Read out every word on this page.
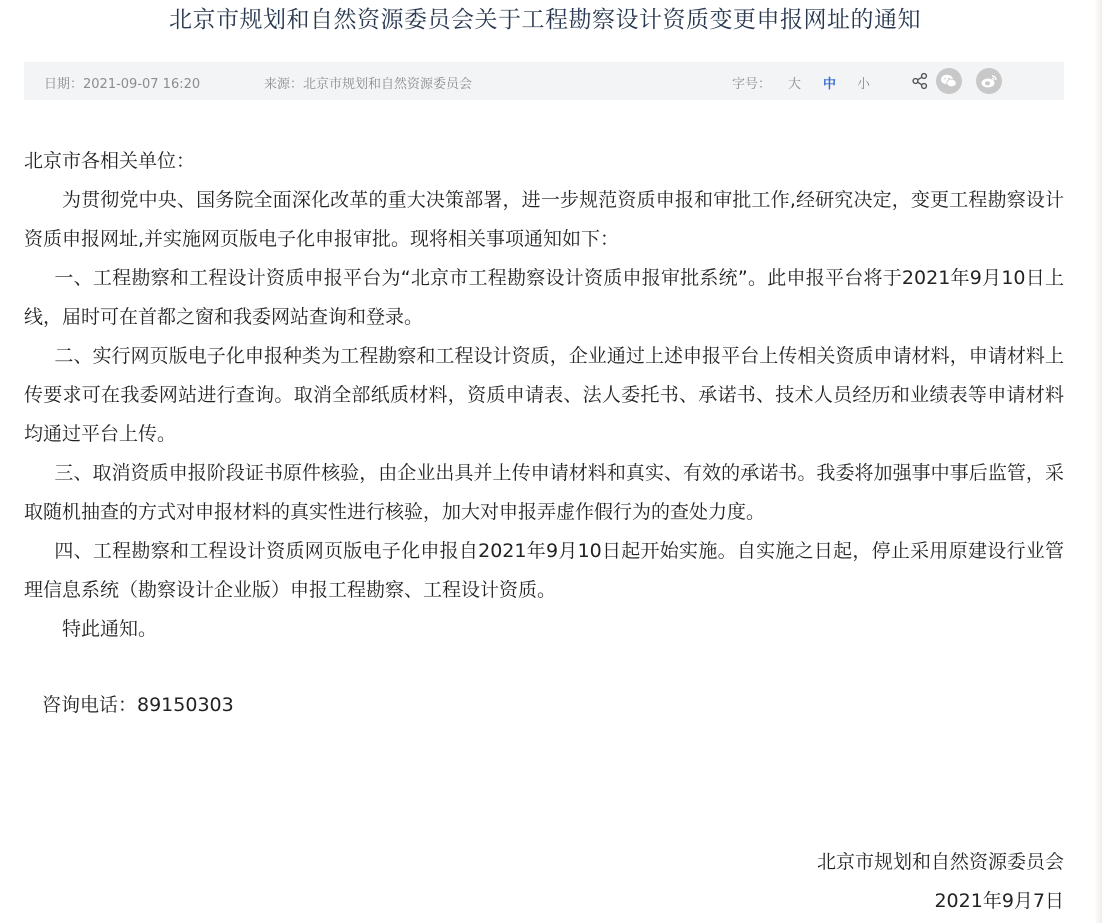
北京市规划和自然资源委员会关于工程勘察设计资质变更申报网址的通知
日期：2021-09-07 16:20	来源：北京市规划和自然资源委员会	字号： 大 中 小

北京市各相关单位：

为贯彻党中央、国务院全面深化改革的重大决策部署，进一步规范资质申报和审批工作,经研究决定，变更工程勘察设计资质申报网址,并实施网页版电子化申报审批。现将相关事项通知如下：

一、工程勘察和工程设计资质申报平台为“北京市工程勘察设计资质申报审批系统”。此申报平台将于2021年9月10日上线，届时可在首都之窗和我委网站查询和登录。

二、实行网页版电子化申报种类为工程勘察和工程设计资质，企业通过上述申报平台上传相关资质申请材料，申请材料上传要求可在我委网站进行查询。取消全部纸质材料，资质申请表、法人委托书、承诺书、技术人员经历和业绩表等申请材料均通过平台上传。

三、取消资质申报阶段证书原件核验，由企业出具并上传申请材料和真实、有效的承诺书。我委将加强事中事后监管，采取随机抽查的方式对申报材料的真实性进行核验，加大对申报弄虚作假行为的查处力度。

四、工程勘察和工程设计资质网页版电子化申报自2021年9月10日起开始实施。自实施之日起，停止采用原建设行业管理信息系统（勘察设计企业版）申报工程勘察、工程设计资质。

特此通知。

咨询电话：89150303
北京市规划和自然资源委员会
2021年9月7日
